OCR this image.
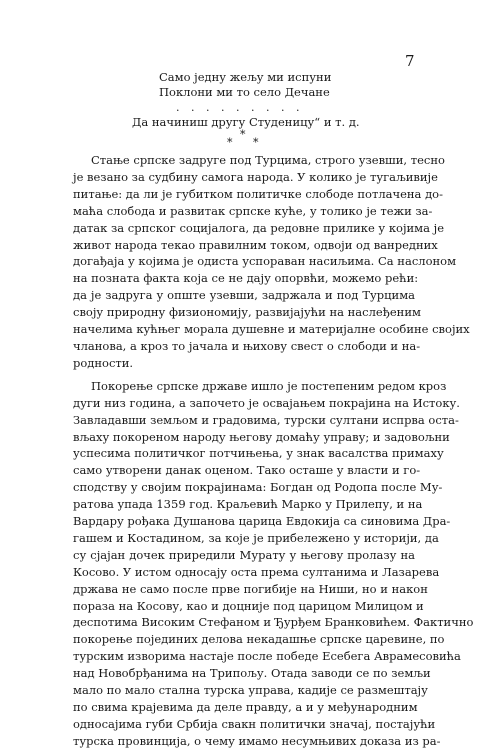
7
Само једну жељу ми испуни
Поклони ми то село Дечане
. . . . . . . . .
Да начиниш другу Студеницу“ и т. д.
*
*
*

Стање српске задруге под Турцима, строго узевши, тесно
је везано за судбину самога народа. У колико је тугаљивије
питање: да ли је губитком политичке слободе потлачена до-
маћа слобода и развитак српске куће, у толико је тежи за-
датак за српског социјалога, да редовне прилике у којима је
живот народа текао правилним током, одвоји од ванредних
догађаја у којима је одиста успораван насиљима. Са наслоном
на позната факта која се не дају опорвћи, можемо рећи:
да је задруга у опште узевши, задржала и под Турцима
своју природну физиономију, развијајући на наслеђеним
начелима кућњег морала душевне и материјалне особине својих
чланова, а кроз то јачала и њихову свест о слободи и на-
родности.

Покорење српске државе ишло је постепеним редом кроз
дуги низ година, а започето је освајањем покрајина на Истоку.
Завладавши земљом и градовима, турски султани испрва оста-
вљаху покореном народу његову домаћу управу; и задовољни
успесима политичког потчињења, у знак васалства примаху
само утворени данак оценом. Тако осташе у власти и го-
сподству у својим покрајинама: Богдан од Родопа после Му-
ратова упада 1359 год. Краљевић Марко у Прилепу, и на
Вардару рођака Душанова царица Евдокија са синовима Дра-
гашем и Костадином, за које је прибележено у историји, да
су сјајан дочек приредили Мурату у његову пролазу на
Косово. У истом односају оста према султанима и Лазарева
држава не само после прве погибије на Ниши, но и након
пораза на Косову, као и доцније под царицом Милицом и
деспотима Високим Стефаном и Ђурђем Бранковићем. Фактично
покорење појединих делова некадашње српске царевине, по
турским изворима настаје после победе Есебега Аврамесовића
над Новобрђанима на Трипољу. Отада заводи се по земљи
мало по мало стална турска управа, кадије се размештају
по свима крајевима да деле правду, а и у међународним
односајима губи Србија свакн политички значај, постајући
турска провинција, о чему имамо несумњивих доказа из ра-
